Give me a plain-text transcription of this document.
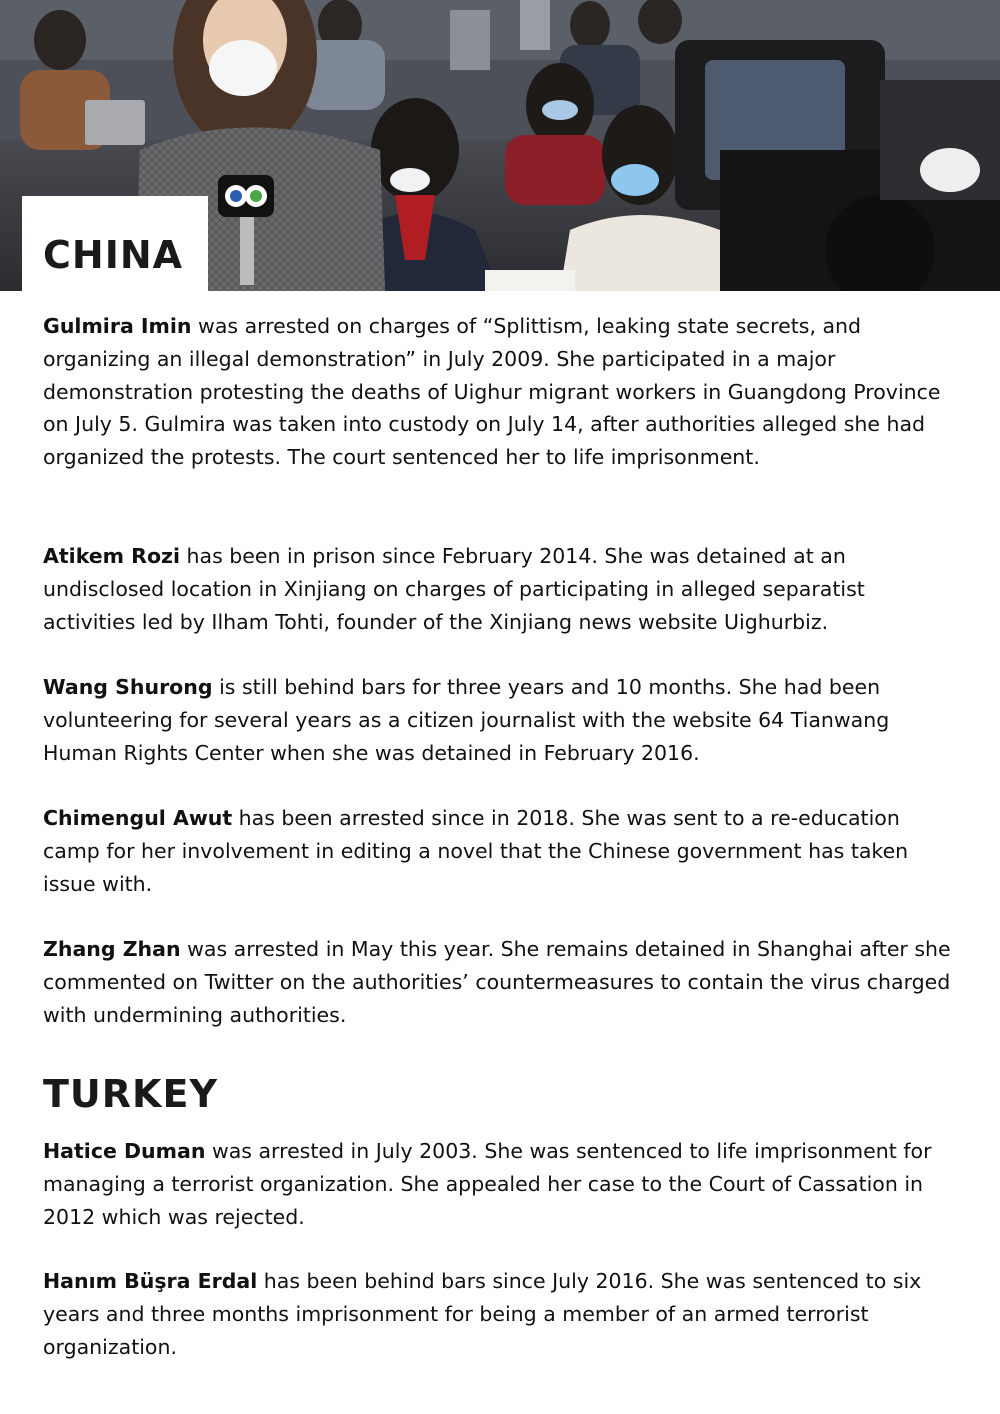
CHINA

Gulmira Imin was arrested on charges of “Splittism, leaking state secrets, and organizing an illegal demonstration” in July 2009. She participated in a major demonstration protesting the deaths of Uighur migrant workers in Guangdong Province on July 5. Gulmira was taken into custody on July 14, after authorities alleged she had organized the protests. The court sentenced her to life imprisonment.

Atikem Rozi has been in prison since February 2014. She was detained at an undisclosed location in Xinjiang on charges of participating in alleged separatist activities led by Ilham Tohti, founder of the Xinjiang news website Uighurbiz.

Wang Shurong is still behind bars for three years and 10 months. She had been volunteering for several years as a citizen journalist with the website 64 Tianwang Human Rights Center when she was detained in February 2016.

Chimengul Awut has been arrested since in 2018. She was sent to a re-education camp for her involvement in editing a novel that the Chinese government has taken issue with.

Zhang Zhan was arrested in May this year. She remains detained in Shanghai after she commented on Twitter on the authorities’ countermeasures to contain the virus charged with undermining authorities.

TURKEY

Hatice Duman was arrested in July 2003. She was sentenced to life imprisonment for managing a terrorist organization. She appealed her case to the Court of Cassation in 2012 which was rejected.

Hanım Büşra Erdal has been behind bars since July 2016. She was sentenced to six years and three months imprisonment for being a member of an armed terrorist organization.
